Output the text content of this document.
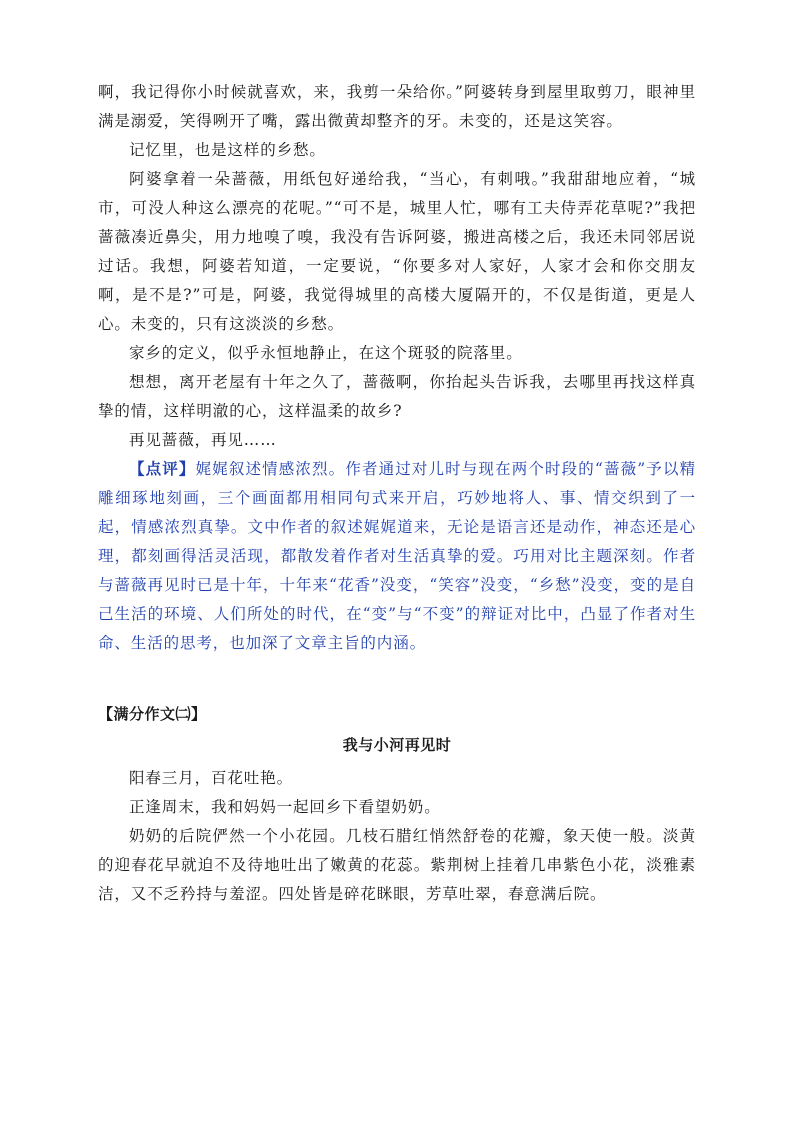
啊，我记得你小时候就喜欢，来，我剪一朵给你。”阿婆转身到屋里取剪刀，眼神里满是溺爱，笑得咧开了嘴，露出微黄却整齐的牙。未变的，还是这笑容。

记忆里，也是这样的乡愁。

阿婆拿着一朵蔷薇，用纸包好递给我，“当心，有刺哦。”我甜甜地应着，“城市，可没人种这么漂亮的花呢。”“可不是，城里人忙，哪有工夫侍弄花草呢?”我把蔷薇凑近鼻尖，用力地嗅了嗅，我没有告诉阿婆，搬进高楼之后，我还未同邻居说过话。我想，阿婆若知道，一定要说，“你要多对人家好，人家才会和你交朋友啊，是不是?”可是，阿婆，我觉得城里的高楼大厦隔开的，不仅是街道，更是人心。未变的，只有这淡淡的乡愁。

家乡的定义，似乎永恒地静止，在这个斑驳的院落里。

想想，离开老屋有十年之久了，蔷薇啊，你抬起头告诉我，去哪里再找这样真挚的情，这样明澈的心，这样温柔的故乡?

再见蔷薇，再见……

【点评】娓娓叙述情感浓烈。作者通过对儿时与现在两个时段的“蔷薇”予以精雕细琢地刻画，三个画面都用相同句式来开启，巧妙地将人、事、情交织到了一起，情感浓烈真挚。文中作者的叙述娓娓道来，无论是语言还是动作，神态还是心理，都刻画得活灵活现，都散发着作者对生活真挚的爱。巧用对比主题深刻。作者与蔷薇再见时已是十年，十年来“花香”没变，“笑容”没变，“乡愁”没变，变的是自己生活的环境、人们所处的时代，在“变”与“不变”的辩证对比中，凸显了作者对生命、生活的思考，也加深了文章主旨的内涵。

【满分作文㈡】
我与小河再见时

阳春三月，百花吐艳。

正逢周末，我和妈妈一起回乡下看望奶奶。

奶奶的后院俨然一个小花园。几枝石腊红悄然舒卷的花瓣，象天使一般。淡黄的迎春花早就迫不及待地吐出了嫩黄的花蕊。紫荆树上挂着几串紫色小花，淡雅素洁，又不乏矜持与羞涩。四处皆是碎花眯眼，芳草吐翠，春意满后院。
